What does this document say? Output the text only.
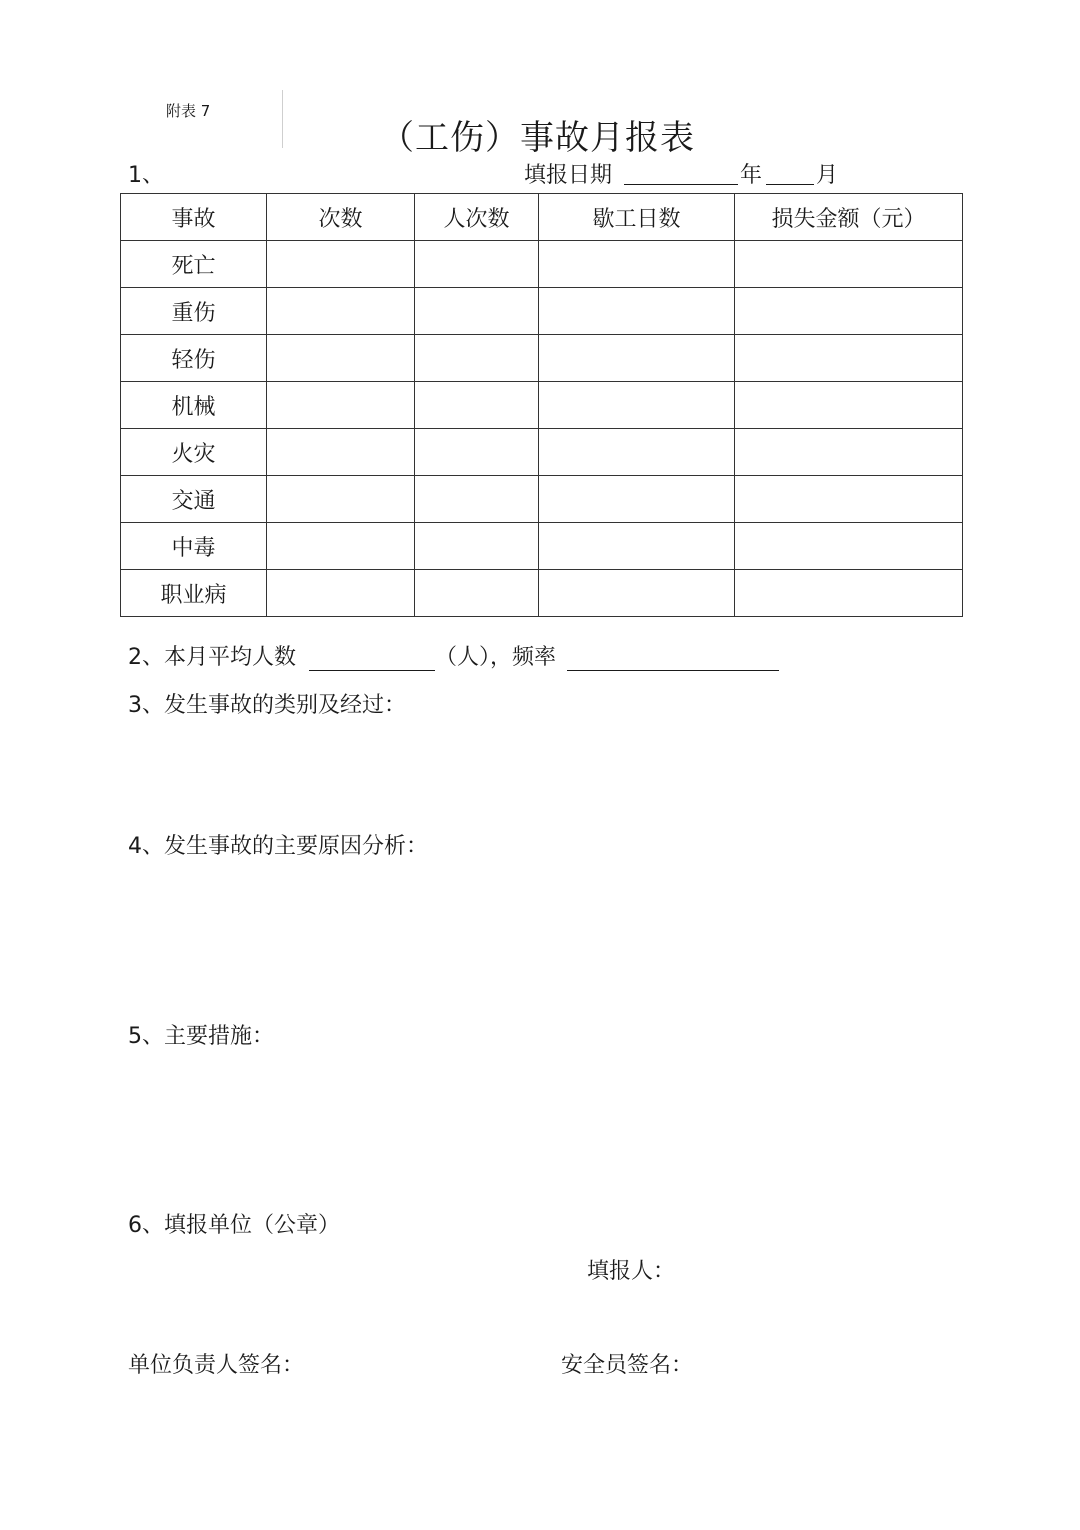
附表 7
（工伤）事故月报表
1、	填报日期	年 月
事故	次数	人次数	歇工日数	损失金额（元）
死亡				
重伤				
轻伤				
机械				
火灾				
交通				
中毒				
职业病				
2、本月平均人数	（人），频率
3、发生事故的类别及经过：
4、发生事故的主要原因分析：
5、主要措施：
6、填报单位（公章）
填报人：
单位负责人签名：	安全员签名：
